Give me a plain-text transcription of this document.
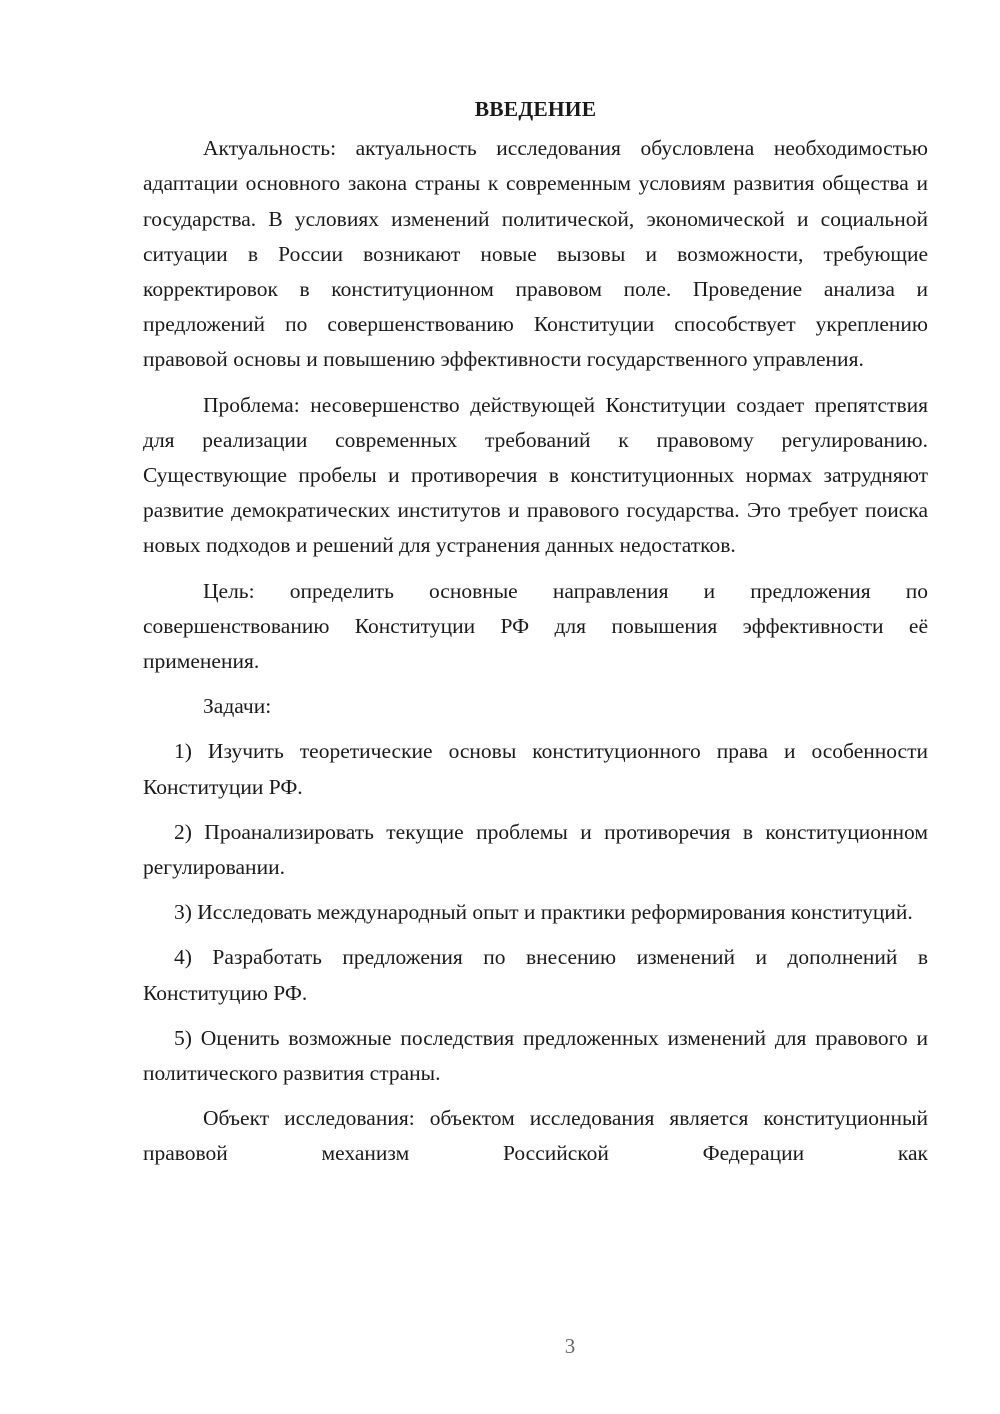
ВВЕДЕНИЕ

Актуальность: актуальность исследования обусловлена необходимостью адаптации основного закона страны к современным условиям развития общества и государства. В условиях изменений политической, экономической и социальной ситуации в России возникают новые вызовы и возможности, требующие корректировок в конституционном правовом поле. Проведение анализа и предложений по совершенствованию Конституции способствует укреплению правовой основы и повышению эффективности государственного управления.

Проблема: несовершенство действующей Конституции создает препятствия для реализации современных требований к правовому регулированию. Существующие пробелы и противоречия в конституционных нормах затрудняют развитие демократических институтов и правового государства. Это требует поиска новых подходов и решений для устранения данных недостатков.

Цель: определить основные направления и предложения по совершенствованию Конституции РФ для повышения эффективности её применения.

Задачи:

1) Изучить теоретические основы конституционного права и особенности Конституции РФ.

2) Проанализировать текущие проблемы и противоречия в конституционном регулировании.

3) Исследовать международный опыт и практики реформирования конституций.

4) Разработать предложения по внесению изменений и дополнений в Конституцию РФ.

5) Оценить возможные последствия предложенных изменений для правового и политического развития страны.

Объект исследования: объектом исследования является конституционный правовой механизм Российской Федерации как

3
